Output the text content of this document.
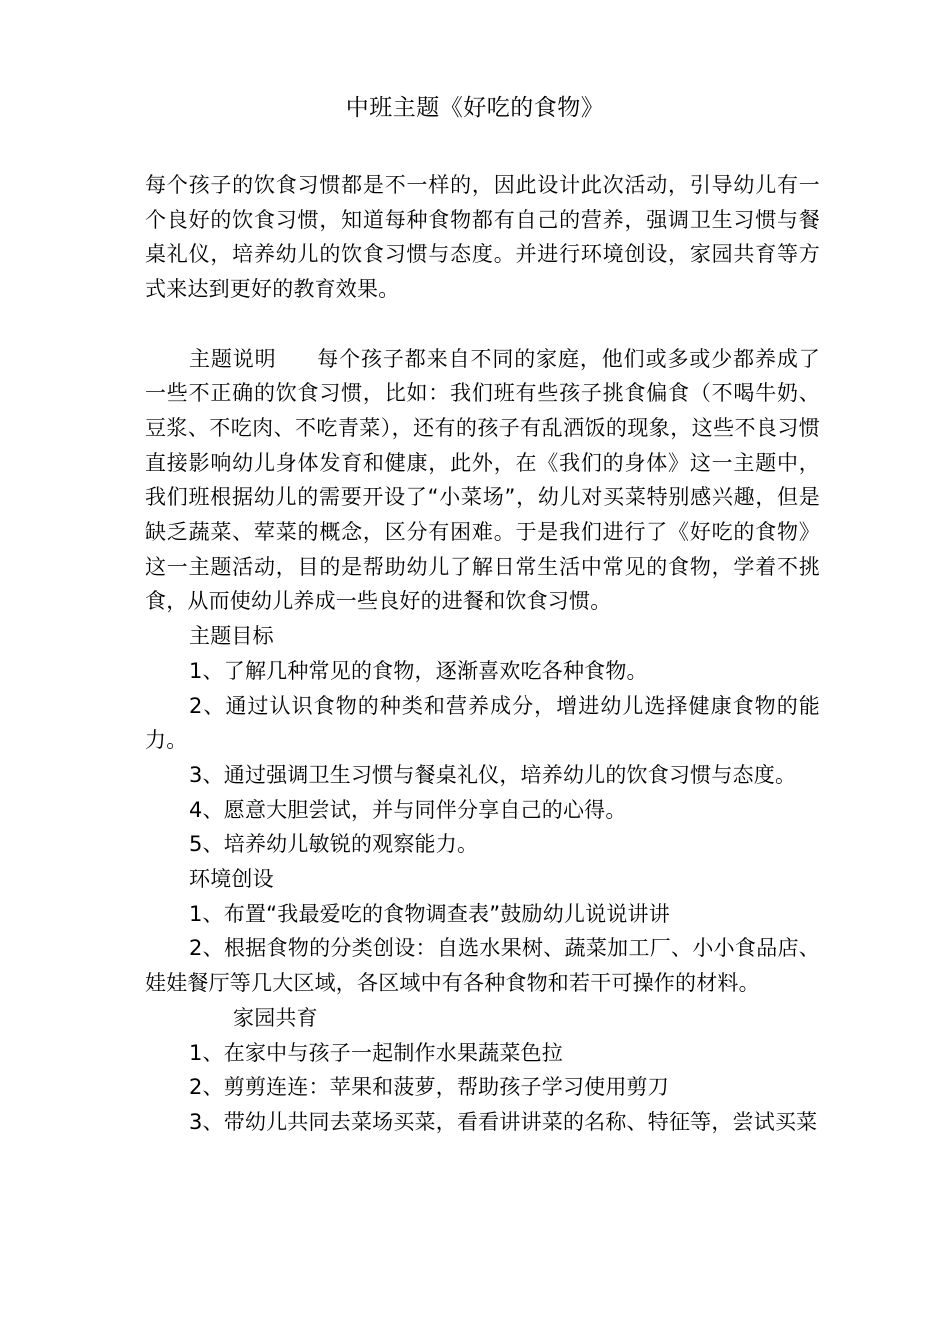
中班主题《好吃的食物》

每个孩子的饮食习惯都是不一样的，因此设计此次活动，引导幼儿有一个良好的饮食习惯，知道每种食物都有自己的营养，强调卫生习惯与餐桌礼仪，培养幼儿的饮食习惯与态度。并进行环境创设，家园共育等方式来达到更好的教育效果。

主题说明 每个孩子都来自不同的家庭，他们或多或少都养成了一些不正确的饮食习惯，比如：我们班有些孩子挑食偏食（不喝牛奶、豆浆、不吃肉、不吃青菜），还有的孩子有乱洒饭的现象，这些不良习惯直接影响幼儿身体发育和健康，此外，在《我们的身体》这一主题中，我们班根据幼儿的需要开设了“小菜场”，幼儿对买菜特别感兴趣，但是缺乏蔬菜、荤菜的概念，区分有困难。于是我们进行了《好吃的食物》这一主题活动，目的是帮助幼儿了解日常生活中常见的食物，学着不挑食，从而使幼儿养成一些良好的进餐和饮食习惯。

主题目标

1、了解几种常见的食物，逐渐喜欢吃各种食物。

2、通过认识食物的种类和营养成分，增进幼儿选择健康食物的能力。

3、通过强调卫生习惯与餐桌礼仪，培养幼儿的饮食习惯与态度。

4、愿意大胆尝试，并与同伴分享自己的心得。

5、培养幼儿敏锐的观察能力。

环境创设

1、布置“我最爱吃的食物调查表”鼓励幼儿说说讲讲

2、根据食物的分类创设：自选水果树、蔬菜加工厂、小小食品店、娃娃餐厅等几大区域，各区域中有各种食物和若干可操作的材料。

家园共育

1、在家中与孩子一起制作水果蔬菜色拉

2、剪剪连连：苹果和菠萝，帮助孩子学习使用剪刀

3、带幼儿共同去菜场买菜，看看讲讲菜的名称、特征等，尝试买菜
